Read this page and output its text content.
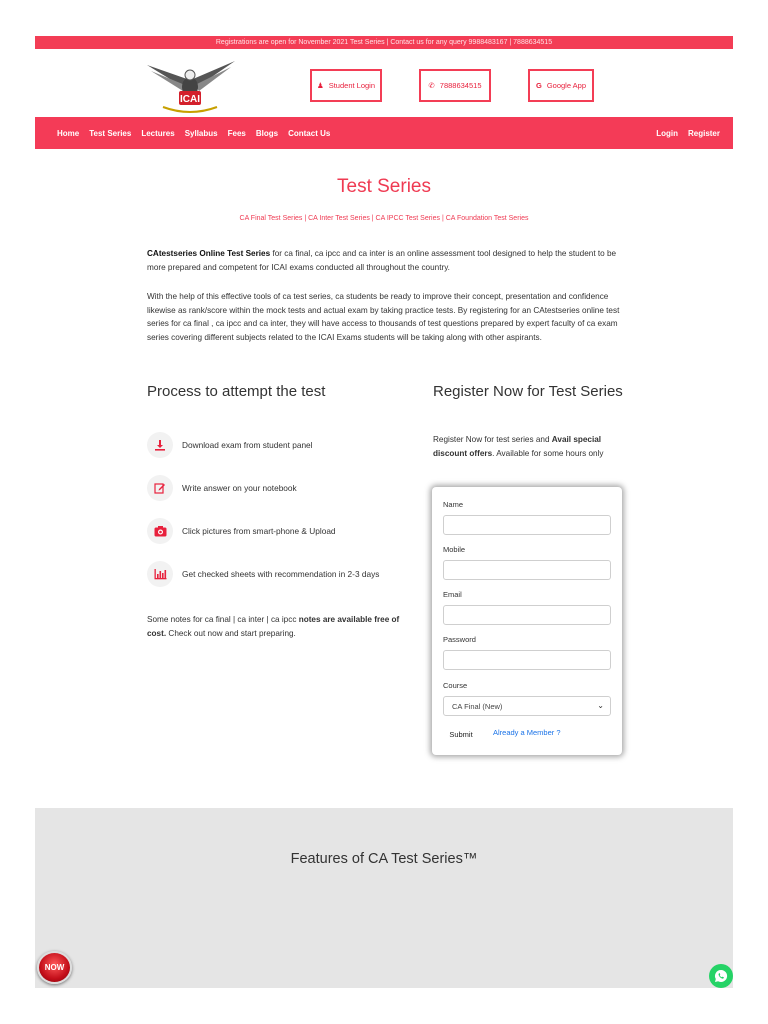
Registrations are open for November 2021 Test Series | Contact us for any query 9988483167 | 7888634515
ICAI
♟ Student Login	✆ 7888634515	G Google App
Home Test Series Lectures Syllabus Fees Blogs Contact Us	Login Register
Test Series
CA Final Test Series | CA Inter Test Series | CA IPCC Test Series | CA Foundation Test Series
CAtestseries Online Test Series for ca final, ca ipcc and ca inter is an online assessment tool designed to help the student to be more prepared and competent for ICAI exams conducted all throughout the country.
With the help of this effective tools of ca test series, ca students be ready to improve their concept, presentation and confidence likewise as rank/score within the mock tests and actual exam by taking practice tests. By registering for an CAtestseries online test series for ca final , ca ipcc and ca inter, they will have access to thousands of test questions prepared by expert faculty of ca exam series covering different subjects related to the ICAI Exams students will be taking along with other aspirants.
Process to attempt the test
Download exam from student panel
Write answer on your notebook
Click pictures from smart-phone & Upload
Get checked sheets with recommendation in 2-3 days
Some notes for ca final | ca inter | ca ipcc notes are available free of cost. Check out now and start preparing.
Register Now for Test Series
Register Now for test series and Avail special discount offers. Available for some hours only
Name
Mobile
Email
Password
Course
CA Final (New)	⌄
Submit	Already a Member ?
Features of CA Test Series™
NOW
